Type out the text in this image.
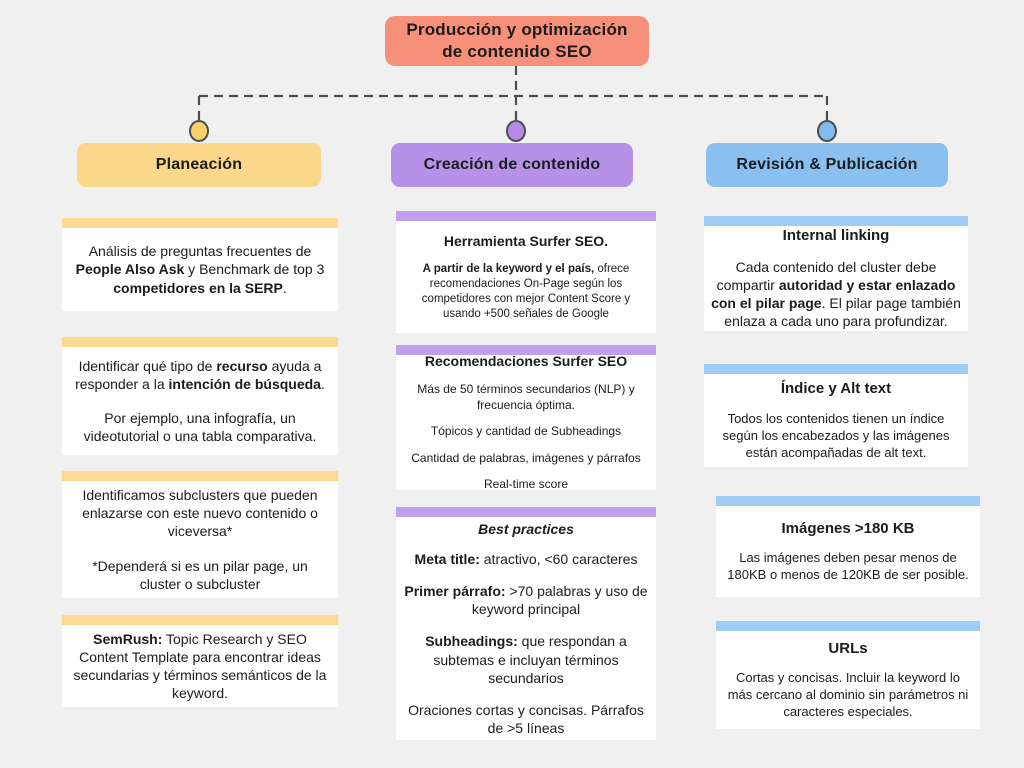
Producción y optimización de contenido SEO
Planeación	Creación de contenido	Revisión & Publicación

Análisis de preguntas frecuentes de People Also Ask y Benchmark de top 3 competidores en la SERP.

Identificar qué tipo de recurso ayuda a responder a la intención de búsqueda.

Por ejemplo, una infografía, un videotutorial o una tabla comparativa.

Identificamos subclusters que pueden enlazarse con este nuevo contenido o viceversa*

*Dependerá si es un pilar page, un cluster o subcluster

SemRush: Topic Research y SEO Content Template para encontrar ideas secundarias y términos semánticos de la keyword.

Herramienta Surfer SEO.

A partir de la keyword y el país, ofrece recomendaciones On-Page según los competidores con mejor Content Score y usando +500 señales de Google

Recomendaciones Surfer SEO

Más de 50 términos secundarios (NLP) y frecuencia óptima.

Tópicos y cantidad de Subheadings

Cantidad de palabras, imágenes y párrafos

Real-time score

Best practices

Meta title: atractivo, <60 caracteres

Primer párrafo: >70 palabras y uso de keyword principal

Subheadings: que respondan a subtemas e incluyan términos secundarios

Oraciones cortas y concisas. Párrafos de >5 líneas

Internal linking

Cada contenido del cluster debe compartir autoridad y estar enlazado con el pilar page. El pilar page también enlaza a cada uno para profundizar.

Índice y Alt text

Todos los contenidos tienen un índice según los encabezados y las imágenes están acompañadas de alt text.

Imágenes >180 KB

Las imágenes deben pesar menos de 180KB o menos de 120KB de ser posible.

URLs

Cortas y concisas. Incluir la keyword lo más cercano al dominio sin parámetros ni caracteres especiales.
